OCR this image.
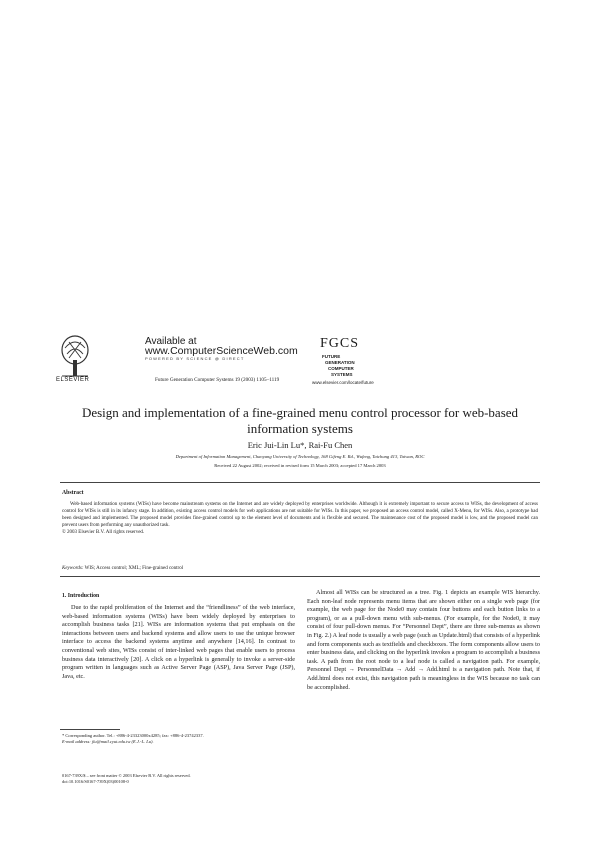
ELSEVIER
Available at
www.ComputerScienceWeb.com
POWERED BY SCIENCE @ DIRECT
Future Generation Computer Systems 19 (2003) 1105–1119
FGCS
FUTURE
GENERATION
COMPUTER
SYSTEMS
www.elsevier.com/locate/future
Design and implementation of a fine-grained menu control processor for web-based information systems
Eric Jui-Lin Lu*, Rai-Fu Chen
Department of Information Management, Chaoyang University of Technology, 168 Gifeng E. Rd., Wufeng, Taichung 413, Taiwan, ROC
Received 22 August 2002; received in revised form 15 March 2003; accepted 17 March 2003
Abstract

Web-based information systems (WISs) have become mainstream systems on the Internet and are widely deployed by enterprises worldwide. Although it is extremely important to secure access to WISs, the development of access control for WISs is still in its infancy stage. In addition, existing access control models for web applications are not suitable for WISs. In this paper, we proposed an access control model, called X-Menu, for WISs. Also, a prototype had been designed and implemented. The proposed model provides fine-grained control up to the element level of documents and is flexible and secured. The maintenance cost of the proposed model is low, and the proposed model can prevent users from performing any unauthorized task.
© 2003 Elsevier B.V. All rights reserved.

Keywords: WIS; Access control; XML; Fine-grained control
1. Introduction

Due to the rapid proliferation of the Internet and the “friendliness” of the web interface, web-based information systems (WISs) have been widely deployed by enterprises to accomplish business tasks [21]. WISs are information systems that put emphasis on the interactions between users and backend systems and allow users to use the unique browser interface to access the backend systems anytime and anywhere [14,16]. In contrast to conventional web sites, WISs consist of inter-linked web pages that enable users to process business data interactively [20]. A click on a hyperlink is generally to invoke a server-side program written in languages such as Active Server Page (ASP), Java Server Page (JSP), Java, etc.

Almost all WISs can be structured as a tree. Fig. 1 depicts an example WIS hierarchy. Each non-leaf node represents menu items that are shown either on a single web page (for example, the web page for the Node0 may contain four buttons and each button links to a program), or as a pull-down menu with sub-menus. (For example, for the Node0, it may consist of four pull-down menus. For “Personnel Dept”, there are three sub-menus as shown in Fig. 2.) A leaf node is usually a web page (such as Update.html) that consists of a hyperlink and form components such as textfields and checkboxes. The form components allow users to enter business data, and clicking on the hyperlink invokes a program to accomplish a business task. A path from the root node to a leaf node is called a navigation path. For example, Personnel Dept → PersonnelData → Add → Add.html is a navigation path. Note that, if Add.html does not exist, this navigation path is meaningless in the WIS because no task can be accomplished.

* Corresponding author. Tel.: +886-4-23323000x4285; fax: +886-4-23742337.

E-mail address: jlu@mail.cyut.edu.tw (E.J.-L. Lu).

0167-739X/$ – see front matter © 2003 Elsevier B.V. All rights reserved.

doi:10.1016/S0167-739X(03)00108-0
